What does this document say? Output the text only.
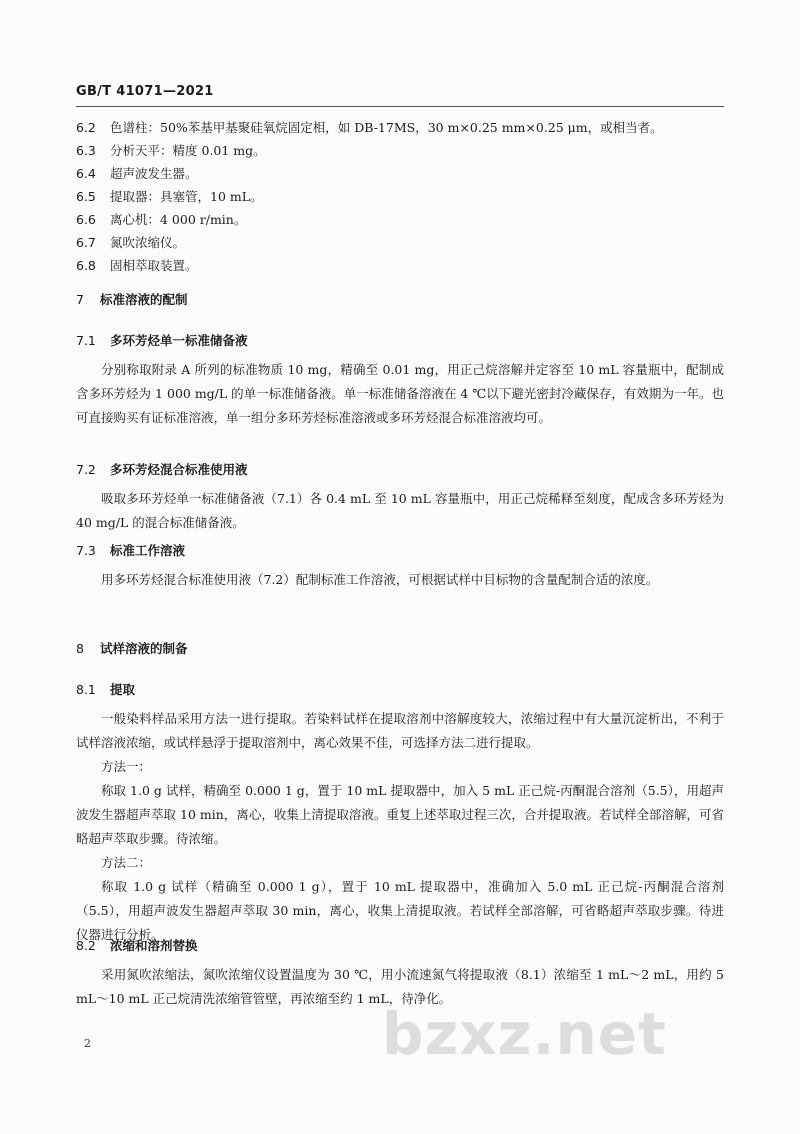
GB/T 41071—2021
6.2 色谱柱：50%苯基甲基聚硅氧烷固定相，如 DB-17MS，30 m×0.25 mm×0.25 μm，或相当者。
6.3 分析天平：精度 0.01 mg。
6.4 超声波发生器。
6.5 提取器：具塞管，10 mL。
6.6 离心机：4 000 r/min。
6.7 氮吹浓缩仪。
6.8 固相萃取装置。
7 标准溶液的配制
7.1 多环芳烃单一标准储备液
分别称取附录 A 所列的标准物质 10 mg，精确至 0.01 mg，用正己烷溶解并定容至 10 mL 容量瓶中，配制成含多环芳烃为 1 000 mg/L 的单一标准储备液。单一标准储备溶液在 4 ℃以下避光密封冷藏保存，有效期为一年。也可直接购买有证标准溶液，单一组分多环芳烃标准溶液或多环芳烃混合标准溶液均可。
7.2 多环芳烃混合标准使用液
吸取多环芳烃单一标准储备液（7.1）各 0.4 mL 至 10 mL 容量瓶中，用正己烷稀释至刻度，配成含多环芳烃为 40 mg/L 的混合标准储备液。
7.3 标准工作溶液
用多环芳烃混合标准使用液（7.2）配制标准工作溶液，可根据试样中目标物的含量配制合适的浓度。
8 试样溶液的制备
8.1 提取
一般染料样品采用方法一进行提取。若染料试样在提取溶剂中溶解度较大，浓缩过程中有大量沉淀析出，不利于试样溶液浓缩，或试样悬浮于提取溶剂中，离心效果不佳，可选择方法二进行提取。
方法一：
称取 1.0 g 试样，精确至 0.000 1 g，置于 10 mL 提取器中，加入 5 mL 正己烷-丙酮混合溶剂（5.5），用超声波发生器超声萃取 10 min，离心，收集上清提取溶液。重复上述萃取过程三次，合并提取液。若试样全部溶解，可省略超声萃取步骤。待浓缩。
方法二：
称取 1.0 g 试样（精确至 0.000 1 g），置于 10 mL 提取器中，准确加入 5.0 mL 正己烷-丙酮混合溶剂（5.5），用超声波发生器超声萃取 30 min，离心，收集上清提取液。若试样全部溶解，可省略超声萃取步骤。待进仪器进行分析。
8.2 浓缩和溶剂替换
采用氮吹浓缩法，氮吹浓缩仪设置温度为 30 ℃，用小流速氮气将提取液（8.1）浓缩至 1 mL～2 mL，用约 5 mL～10 mL 正己烷清洗浓缩管管壁，再浓缩至约 1 mL，待净化。
2	bzxz.net
